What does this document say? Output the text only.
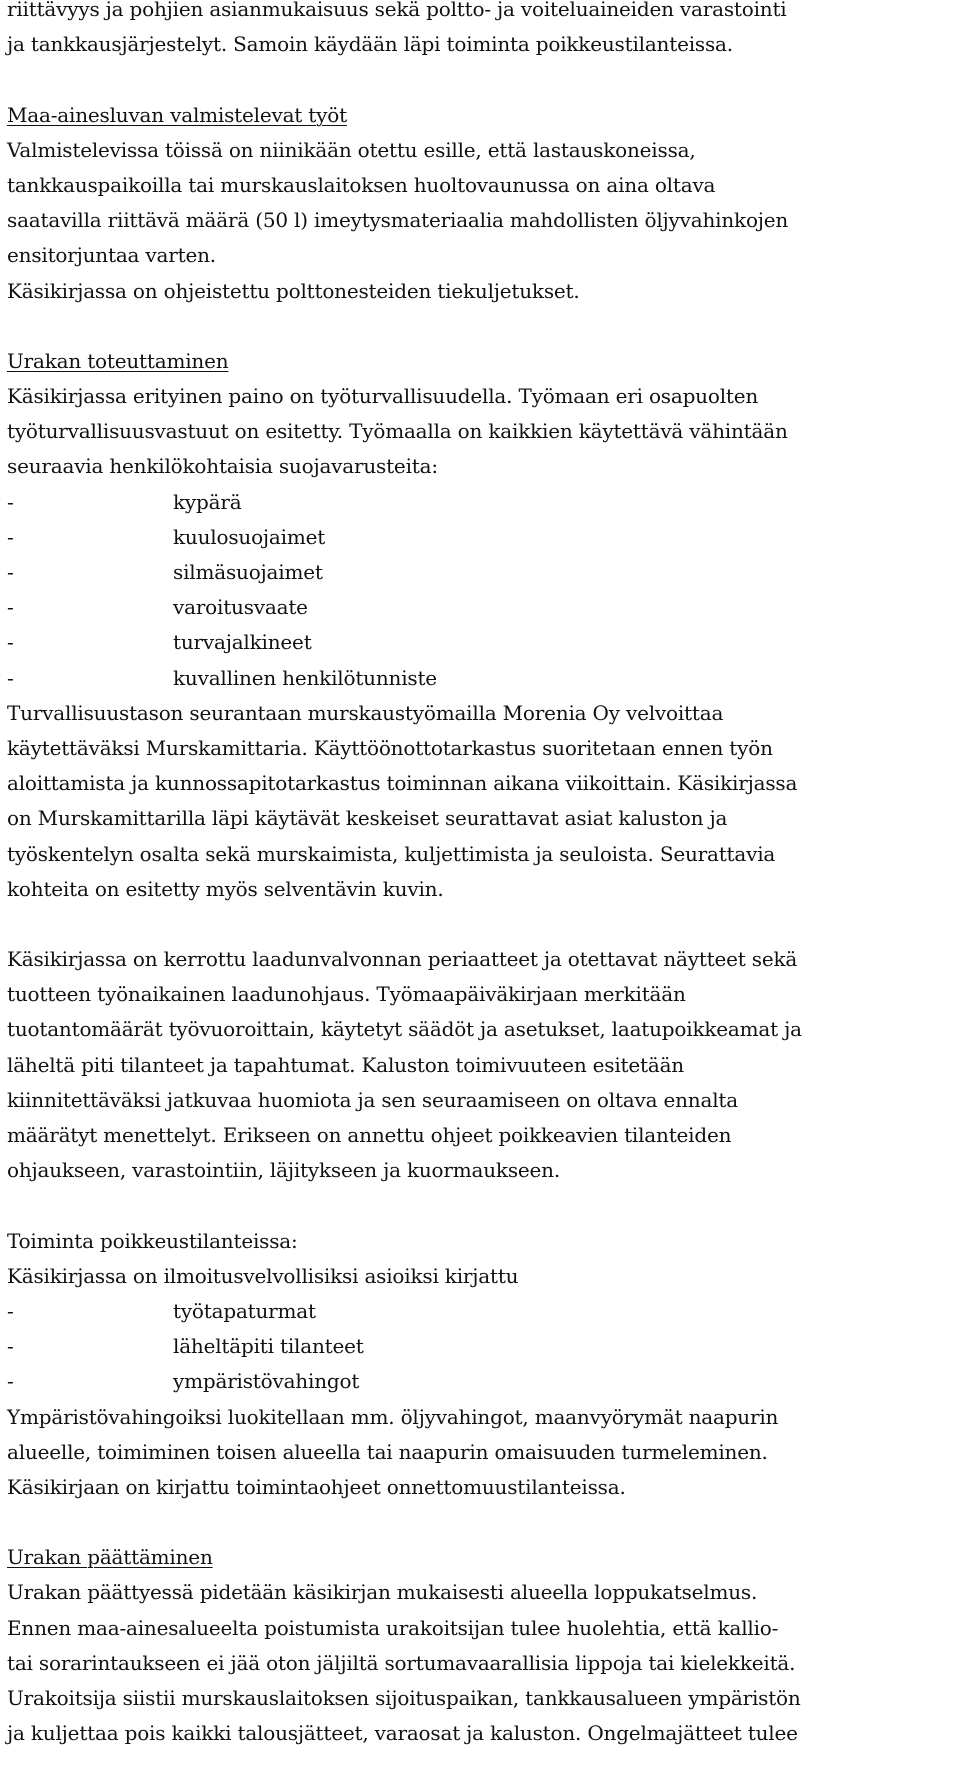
riittävyys ja pohjien asianmukaisuus sekä poltto- ja voiteluaineiden varastointi
ja tankkausjärjestelyt. Samoin käydään läpi toiminta poikkeustilanteissa.
Maa-ainesluvan valmistelevat työt
Valmistelevissa töissä on niinikään otettu esille, että lastauskoneissa,
tankkauspaikoilla tai murskauslaitoksen huoltovaunussa on aina oltava
saatavilla riittävä määrä (50 l) imeytysmateriaalia mahdollisten öljyvahinkojen
ensitorjuntaa varten.
Käsikirjassa on ohjeistettu polttonesteiden tiekuljetukset.
Urakan toteuttaminen
Käsikirjassa erityinen paino on työturvallisuudella. Työmaan eri osapuolten
työturvallisuusvastuut on esitetty. Työmaalla on kaikkien käytettävä vähintään
seuraavia henkilökohtaisia suojavarusteita:
-	kypärä
-	kuulosuojaimet
-	silmäsuojaimet
-	varoitusvaate
-	turvajalkineet
-	kuvallinen henkilötunniste
Turvallisuustason seurantaan murskaustyömailla Morenia Oy velvoittaa
käytettäväksi Murskamittaria. Käyttöönottotarkastus suoritetaan ennen työn
aloittamista ja kunnossapitotarkastus toiminnan aikana viikoittain. Käsikirjassa
on Murskamittarilla läpi käytävät keskeiset seurattavat asiat kaluston ja
työskentelyn osalta sekä murskaimista, kuljettimista ja seuloista. Seurattavia
kohteita on esitetty myös selventävin kuvin.
Käsikirjassa on kerrottu laadunvalvonnan periaatteet ja otettavat näytteet sekä
tuotteen työnaikainen laadunohjaus. Työmaapäiväkirjaan merkitään
tuotantomäärät työvuoroittain, käytetyt säädöt ja asetukset, laatupoikkeamat ja
läheltä piti tilanteet ja tapahtumat. Kaluston toimivuuteen esitetään
kiinnitettäväksi jatkuvaa huomiota ja sen seuraamiseen on oltava ennalta
määrätyt menettelyt. Erikseen on annettu ohjeet poikkeavien tilanteiden
ohjaukseen, varastointiin, läjitykseen ja kuormaukseen.
Toiminta poikkeustilanteissa:
Käsikirjassa on ilmoitusvelvollisiksi asioiksi kirjattu
-	työtapaturmat
-	läheltäpiti tilanteet
-	ympäristövahingot
Ympäristövahingoiksi luokitellaan mm. öljyvahingot, maanvyörymät naapurin
alueelle, toimiminen toisen alueella tai naapurin omaisuuden turmeleminen.
Käsikirjaan on kirjattu toimintaohjeet onnettomuustilanteissa.
Urakan päättäminen
Urakan päättyessä pidetään käsikirjan mukaisesti alueella loppukatselmus.
Ennen maa-ainesalueelta poistumista urakoitsijan tulee huolehtia, että kallio-
tai sorarintaukseen ei jää oton jäljiltä sortumavaarallisia lippoja tai kielekkeitä.
Urakoitsija siistii murskauslaitoksen sijoituspaikan, tankkausalueen ympäristön
ja kuljettaa pois kaikki talousjätteet, varaosat ja kaluston. Ongelmajätteet tulee
